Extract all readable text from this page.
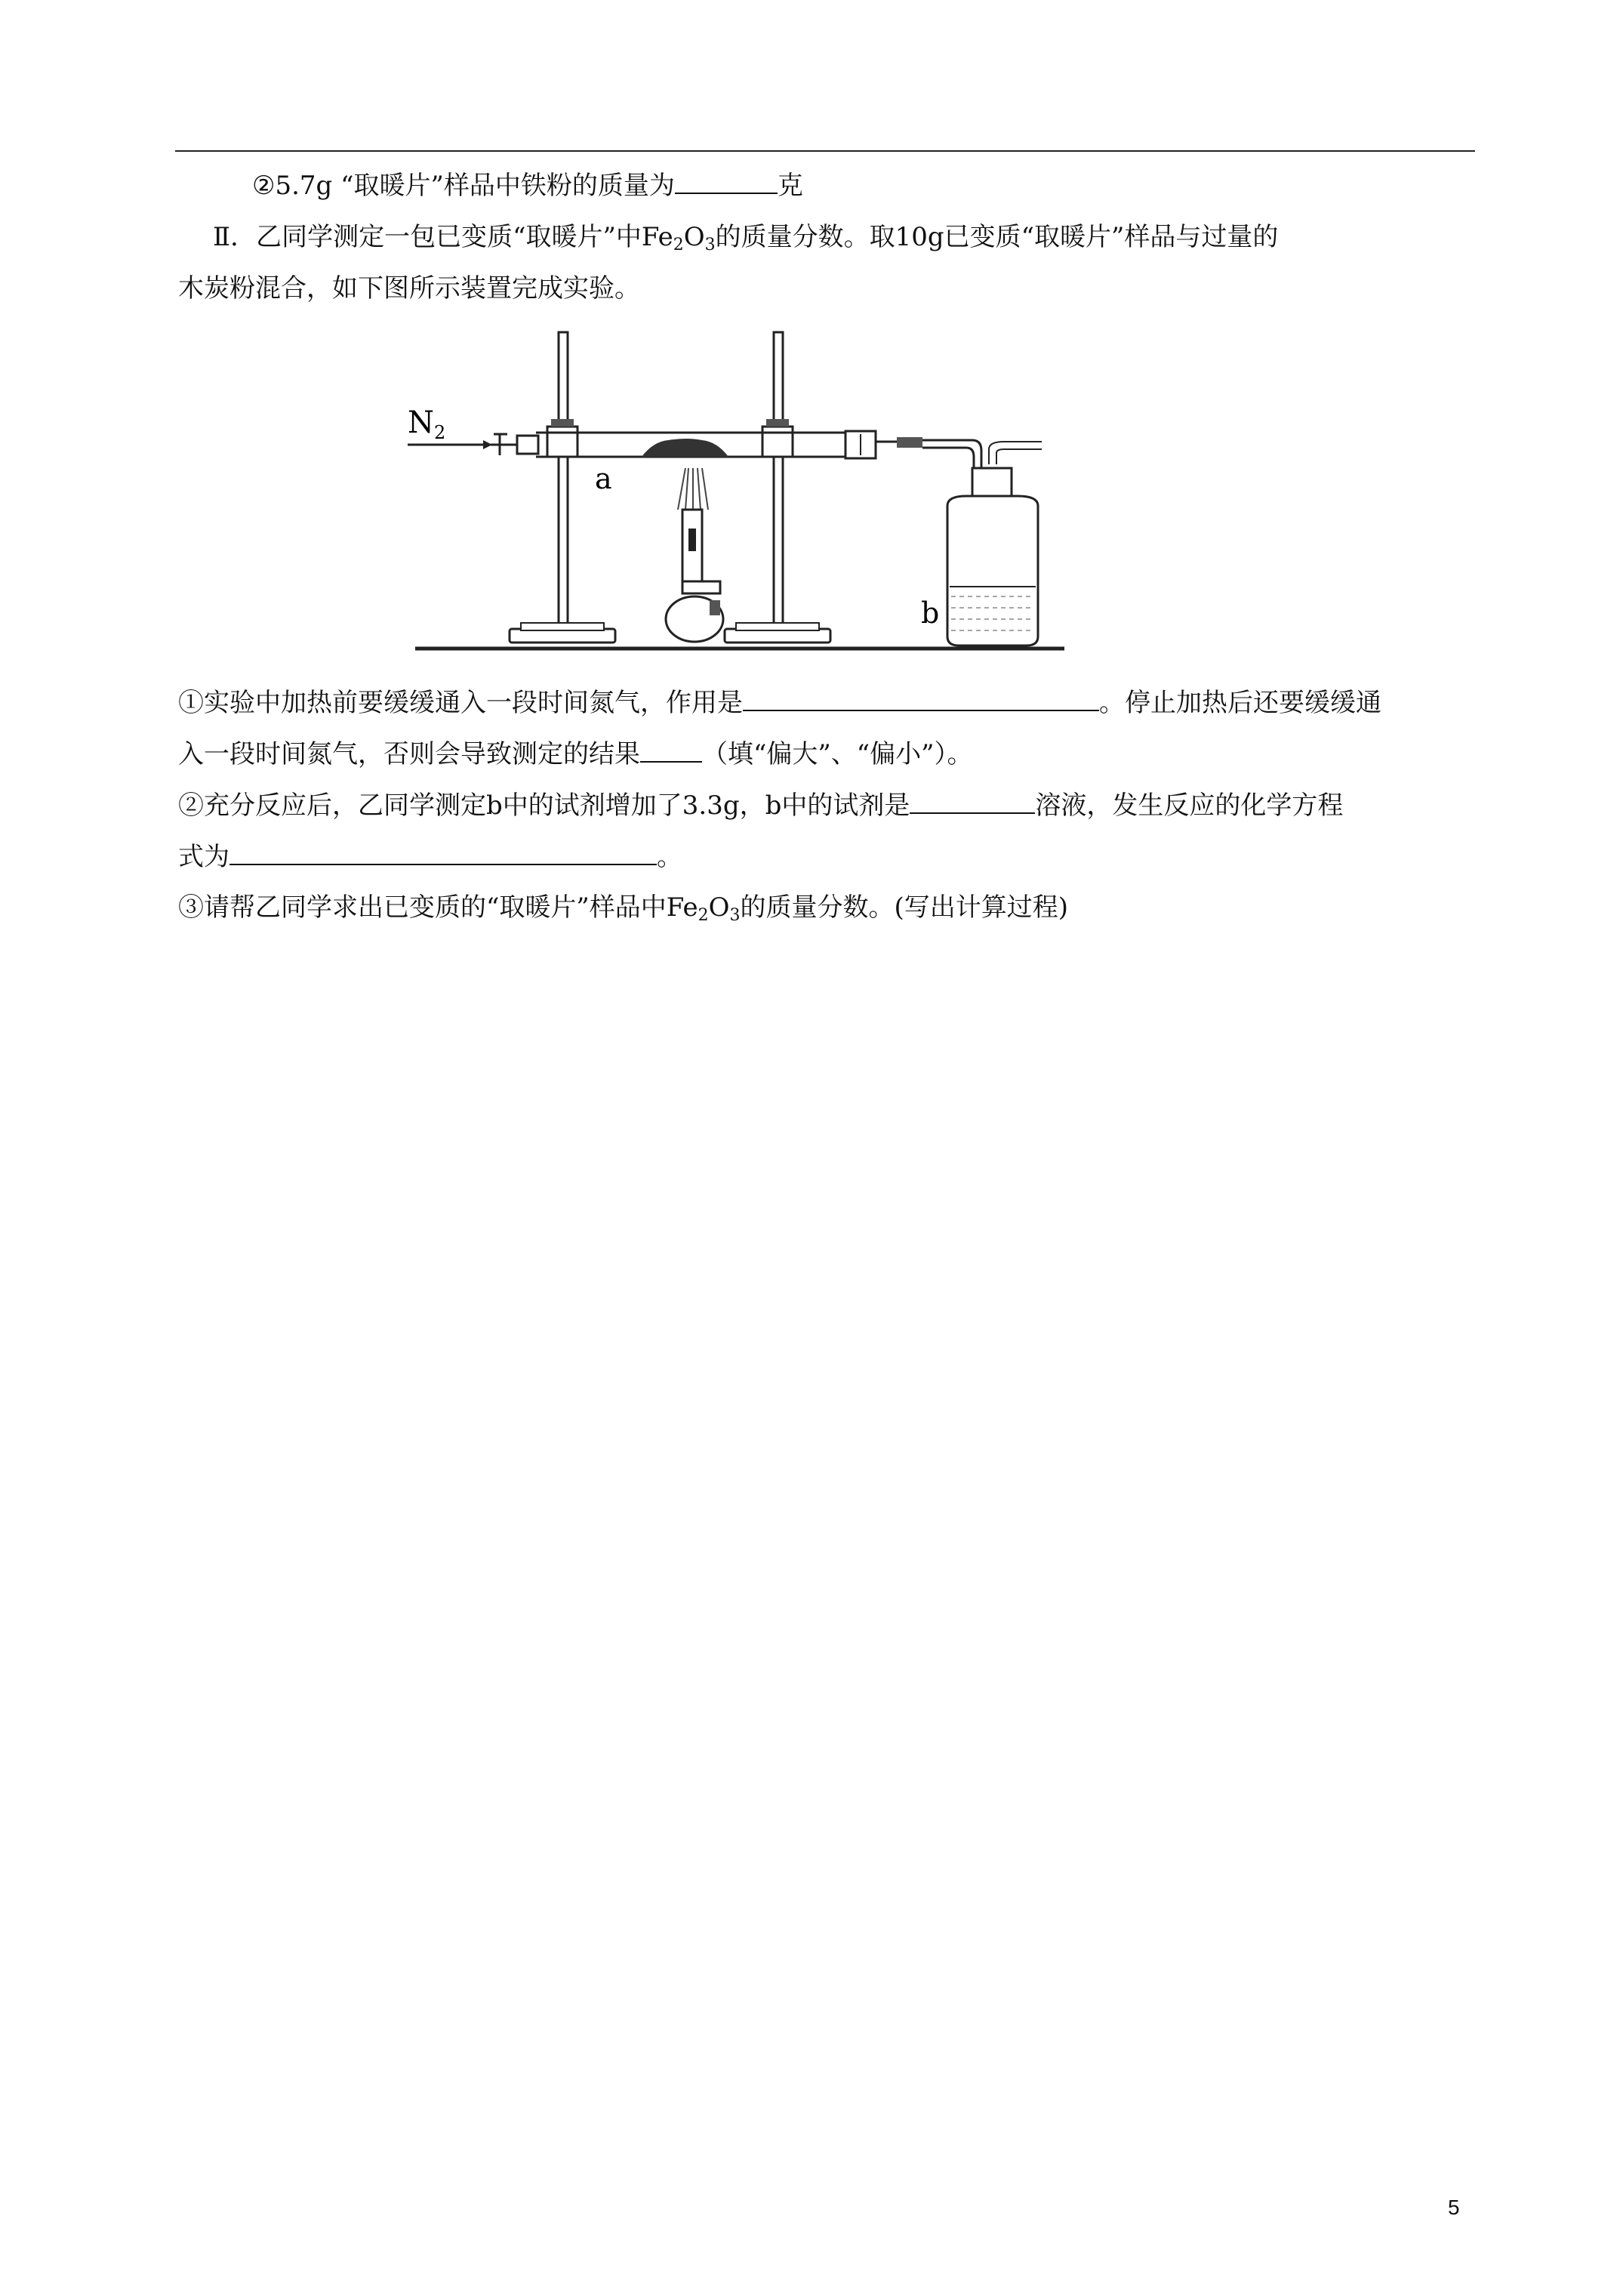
②5.7g “取暖片”样品中铁粉的质量为	克
Ⅱ．乙同学测定一包已变质“取暖片”中$Fe_2O_3$的质量分数。取10g已变质“取暖片”样品与过量的
木炭粉混合，如下图所示装置完成实验。
$N_2$
a
b
①实验中加热前要缓缓通入一段时间氮气，作用是	。停止加热后还要缓缓通
入一段时间氮气，否则会导致测定的结果 （填“偏大”、“偏小”）。
②充分反应后，乙同学测定b中的试剂增加了3.3g，b中的试剂是	溶液，发生反应的化学方程
式为	。
③请帮乙同学求出已变质的“取暖片”样品中$Fe_2O_3$的质量分数。(写出计算过程)
5
